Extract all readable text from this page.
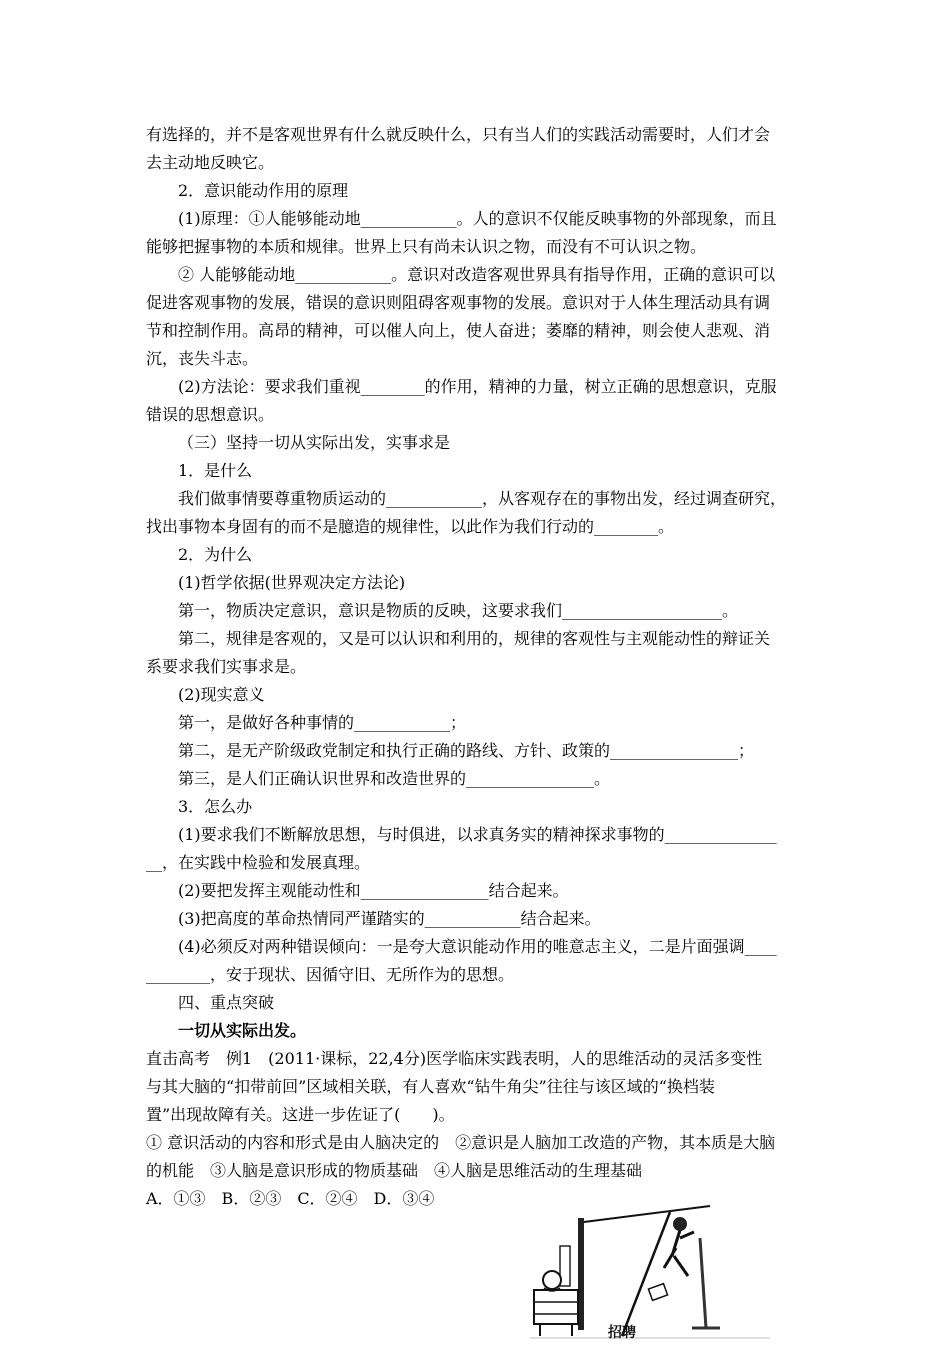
有选择的，并不是客观世界有什么就反映什么，只有当人们的实践活动需要时，人们才会
去主动地反映它。
2．意识能动作用的原理
(1)原理：①人能够能动地____________。人的意识不仅能反映事物的外部现象，而且
能够把握事物的本质和规律。世界上只有尚未认识之物，而没有不可认识之物。
② 人能够能动地____________。意识对改造客观世界具有指导作用，正确的意识可以
促进客观事物的发展，错误的意识则阻碍客观事物的发展。意识对于人体生理活动具有调
节和控制作用。高昂的精神，可以催人向上，使人奋进；萎靡的精神，则会使人悲观、消
沉，丧失斗志。
(2)方法论：要求我们重视________的作用，精神的力量，树立正确的思想意识，克服
错误的思想意识。
（三）坚持一切从实际出发，实事求是
1．是什么
我们做事情要尊重物质运动的____________，从客观存在的事物出发，经过调查研究，
找出事物本身固有的而不是臆造的规律性，以此作为我们行动的________。
2．为什么
(1)哲学依据(世界观决定方法论)
第一，物质决定意识，意识是物质的反映，这要求我们____________________。
第二，规律是客观的，又是可以认识和利用的，规律的客观性与主观能动性的辩证关
系要求我们实事求是。
(2)现实意义
第一，是做好各种事情的____________；
第二，是无产阶级政党制定和执行正确的路线、方针、政策的________________；
第三，是人们正确认识世界和改造世界的________________。
3．怎么办
(1)要求我们不断解放思想，与时俱进，以求真务实的精神探求事物的______________
__，在实践中检验和发展真理。
(2)要把发挥主观能动性和________________结合起来。
(3)把高度的革命热情同严谨踏实的____________结合起来。
(4)必须反对两种错误倾向：一是夸大意识能动作用的唯意志主义，二是片面强调____
________，安于现状、因循守旧、无所作为的思想。
四、重点突破
一切从实际出发。
直击高考　例1　(2011·课标，22,4分)医学临床实践表明，人的思维活动的灵活多变性
与其大脑的“扣带前回”区域相关联，有人喜欢“钻牛角尖”往往与该区域的“换档装
置”出现故障有关。这进一步佐证了(　　)。
① 意识活动的内容和形式是由人脑决定的　②意识是人脑加工改造的产物，其本质是大脑
的机能　③人脑是意识形成的物质基础　④人脑是思维活动的生理基础
A．①③　B．②③　C．②④　D．③④
招聘
